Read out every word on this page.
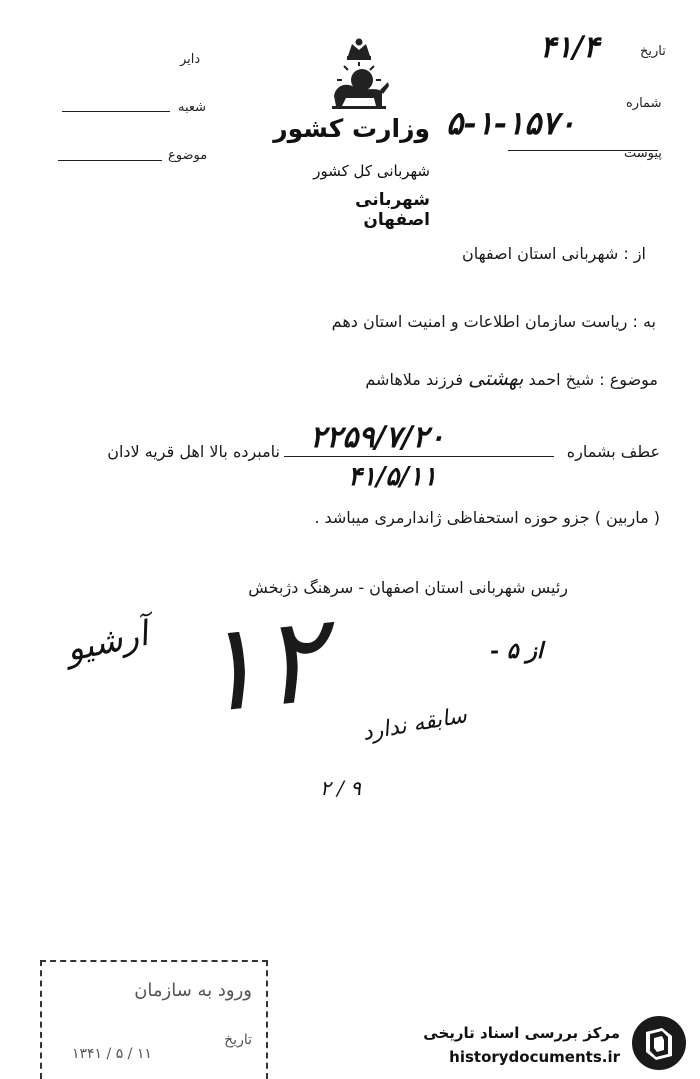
دایر
شعبه
موضوع
وزارت کشور
شهربانی کل کشور
شهربانی اصفهان
تاریخ
۴۱/۴
شماره
۵-۱-۱۵۷۰
پیوست
از : شهربانی استان اصفهان
به : ریاست سازمان اطلاعات و امنیت استان دهم
موضوع : شیخ احمد بهشتی فرزند ملاهاشم
عطف بشماره
۲۲۵۹/۷/۲۰
نامبرده بالا اهل قریه لادان
۴۱/۵/۱۱
( ماربین ) جزو حوزه استحفاظی ژاندارمری میباشد .
رئیس شهربانی استان اصفهان - سرهنگ دژبخش
آرشیو	از ۵ -
۱۲ سابقه ندارد
۲ / ۹
ورود به سازمان
تاریخ
۱۳۴۱ / ۵ / ۱۱
مرکز بررسی اسناد تاریخی
historydocuments.ir
